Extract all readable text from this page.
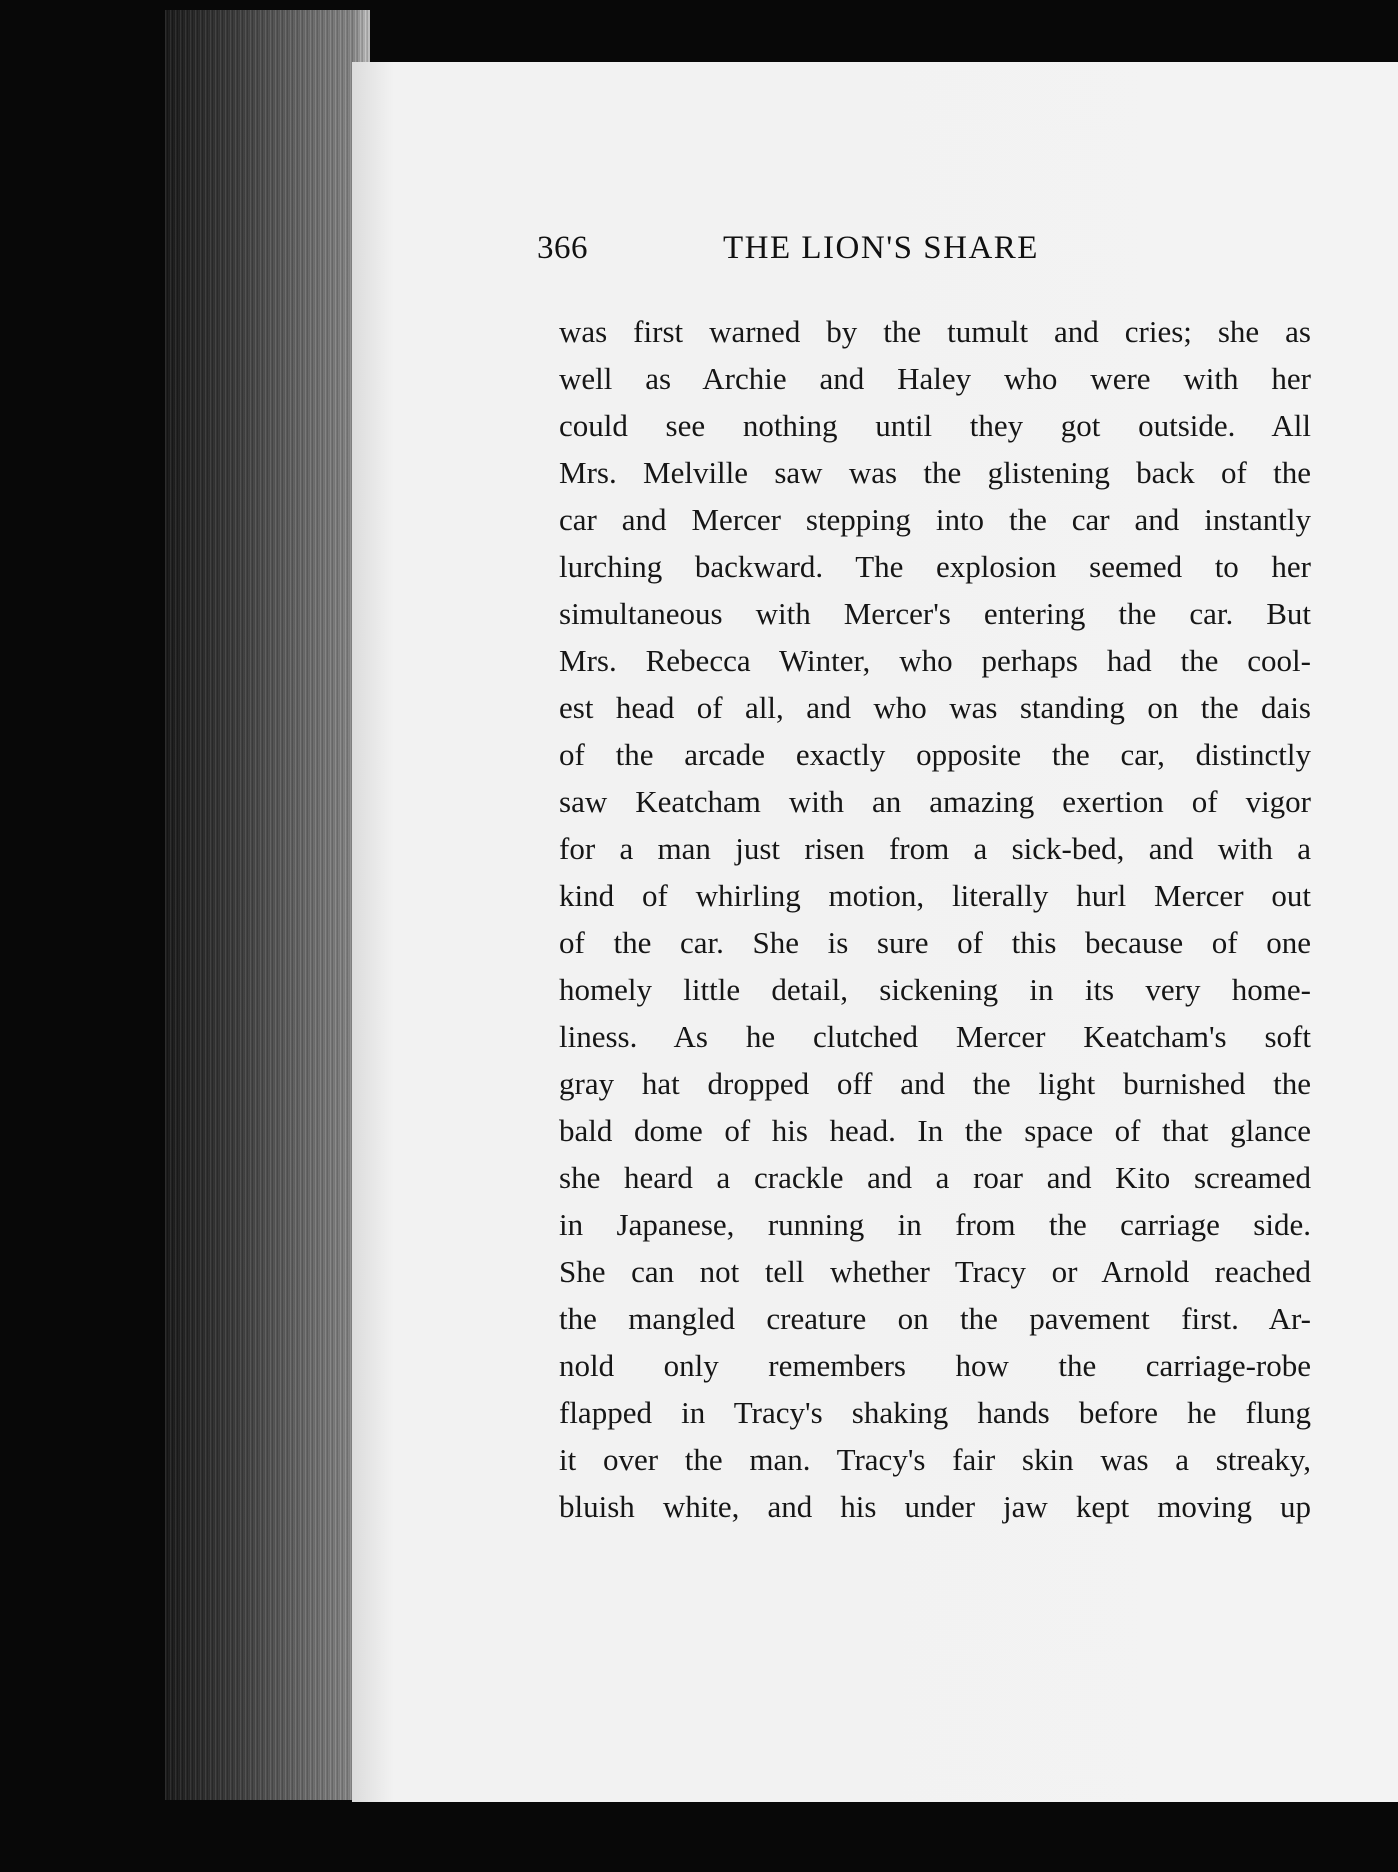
366	THE LION'S SHARE
was first warned by the tumult and cries; she as
well as Archie and Haley who were with her
could see nothing until they got outside. All
Mrs. Melville saw was the glistening back of the
car and Mercer stepping into the car and instantly
lurching backward. The explosion seemed to her
simultaneous with Mercer's entering the car. But
Mrs. Rebecca Winter, who perhaps had the cool-
est head of all, and who was standing on the dais
of the arcade exactly opposite the car, distinctly
saw Keatcham with an amazing exertion of vigor
for a man just risen from a sick-bed, and with a
kind of whirling motion, literally hurl Mercer out
of the car. She is sure of this because of one
homely little detail, sickening in its very home-
liness. As he clutched Mercer Keatcham's soft
gray hat dropped off and the light burnished the
bald dome of his head. In the space of that glance
she heard a crackle and a roar and Kito screamed
in Japanese, running in from the carriage side.
She can not tell whether Tracy or Arnold reached
the mangled creature on the pavement first. Ar-
nold only remembers how the carriage-robe
flapped in Tracy's shaking hands before he flung
it over the man. Tracy's fair skin was a streaky,
bluish white, and his under jaw kept moving up
